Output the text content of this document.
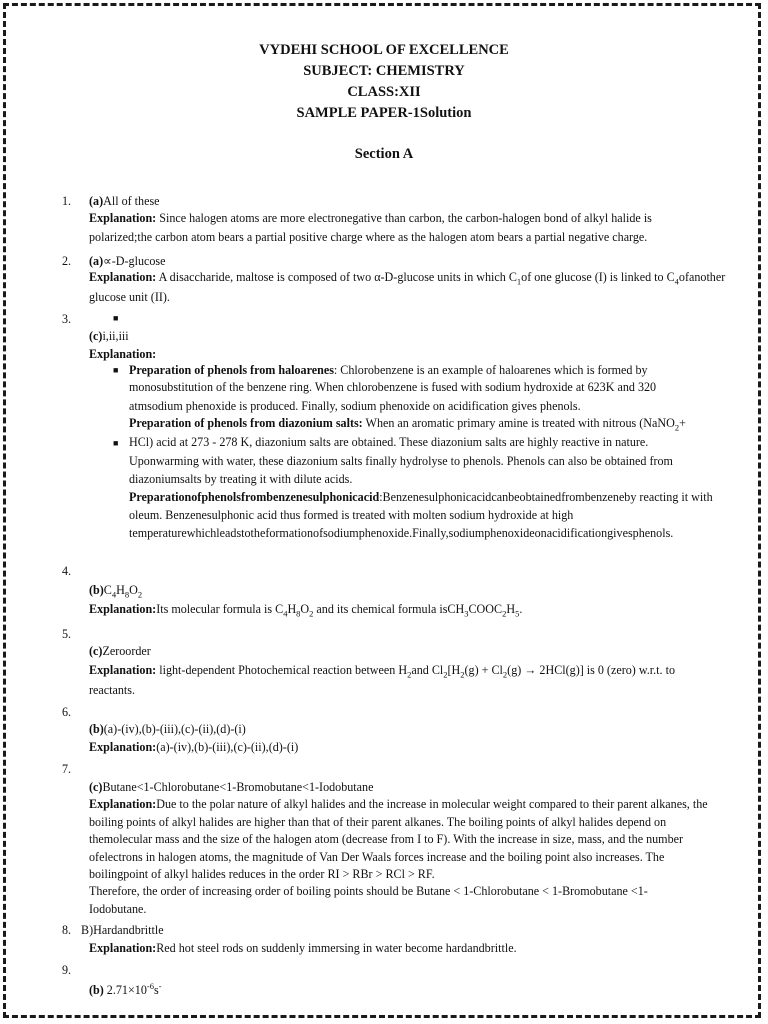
VYDEHI SCHOOL OF EXCELLENCE
SUBJECT: CHEMISTRY
CLASS:XII
SAMPLE PAPER-1Solution
Section A
1. (a)All of these
Explanation: Since halogen atoms are more electronegative than carbon, the carbon-halogen bond of alkyl halide is
polarized;the carbon atom bears a partial positive charge where as the halogen atom bears a partial negative charge.
2. (a)∝-D-glucose
Explanation: A disaccharide, maltose is composed of two α-D-glucose units in which $C_1of$ one glucose (I) is linked to $C_4ofanother$
glucose unit (II).
3.	■
(c)i,ii,iii
Explanation:
■ Preparation of phenols from haloarenes: Chlorobenzene is an example of haloarenes which is formed by
monosubstitution of the benzene ring. When chlorobenzene is fused with sodium hydroxide at 623K and 320
atmsodium phenoxide is produced. Finally, sodium phenoxide on acidification gives phenols.
Preparation of phenols from diazonium salts: When an aromatic primary amine is treated with nitrous (NaNO$_2$+
■ HCl) acid at 273 - 278 K, diazonium salts are obtained. These diazonium salts are highly reactive in nature.
Uponwarming with water, these diazonium salts finally hydrolyse to phenols. Phenols can also be obtained from
diazoniumsalts by treating it with dilute acids.
Preparationofphenolsfrombenzenesulphonicacid:Benzenesulphonicacidcanbeobtainedfrombenzeneby reacting it with
oleum. Benzenesulphonic acid thus formed is treated with molten sodium hydroxide at high
temperaturewhichleadstotheformationofsodiumphenoxide.Finally,sodiumphenoxideonacidificationgivesphenols.
4.
$(b)C_4H_8O_2$
Explanation:Its molecular formula is $C_4H_8O_2$ and its chemical formula $isCH_3COOC_2H_5$.
5.
(c)Zeroorder
Explanation: light-dependent Photochemical reaction between $H_2and$ $Cl_2[H_2(g) + Cl_2(g) \to 2HCl(g)]$ is 0 (zero) w.r.t. to
reactants.
6.
(b)(a)-(iv),(b)-(iii),(c)-(ii),(d)-(i)
Explanation:(a)-(iv),(b)-(iii),(c)-(ii),(d)-(i)
7.
(c)Butane<1-Chlorobutane<1-Bromobutane<1-Iodobutane
Explanation:Due to the polar nature of alkyl halides and the increase in molecular weight compared to their parent alkanes, the
boiling points of alkyl halides are higher than that of their parent alkanes. The boiling points of alkyl halides depend on
themolecular mass and the size of the halogen atom (decrease from I to F). With the increase in size, mass, and the number
ofelectrons in halogen atoms, the magnitude of Van Der Waals forces increase and the boiling point also increases. The
boilingpoint of alkyl halides reduces in the order RI > RBr > RCl > RF.
Therefore, the order of increasing order of boiling points should be Butane < 1-Chlorobutane < 1-Bromobutane <1-
Iodobutane.
8. B)Hardandbrittle
Explanation:Red hot steel rods on suddenly immersing in water become hardandbrittle.
9.
(b) $2.71\times 10^{-6}s^-$
